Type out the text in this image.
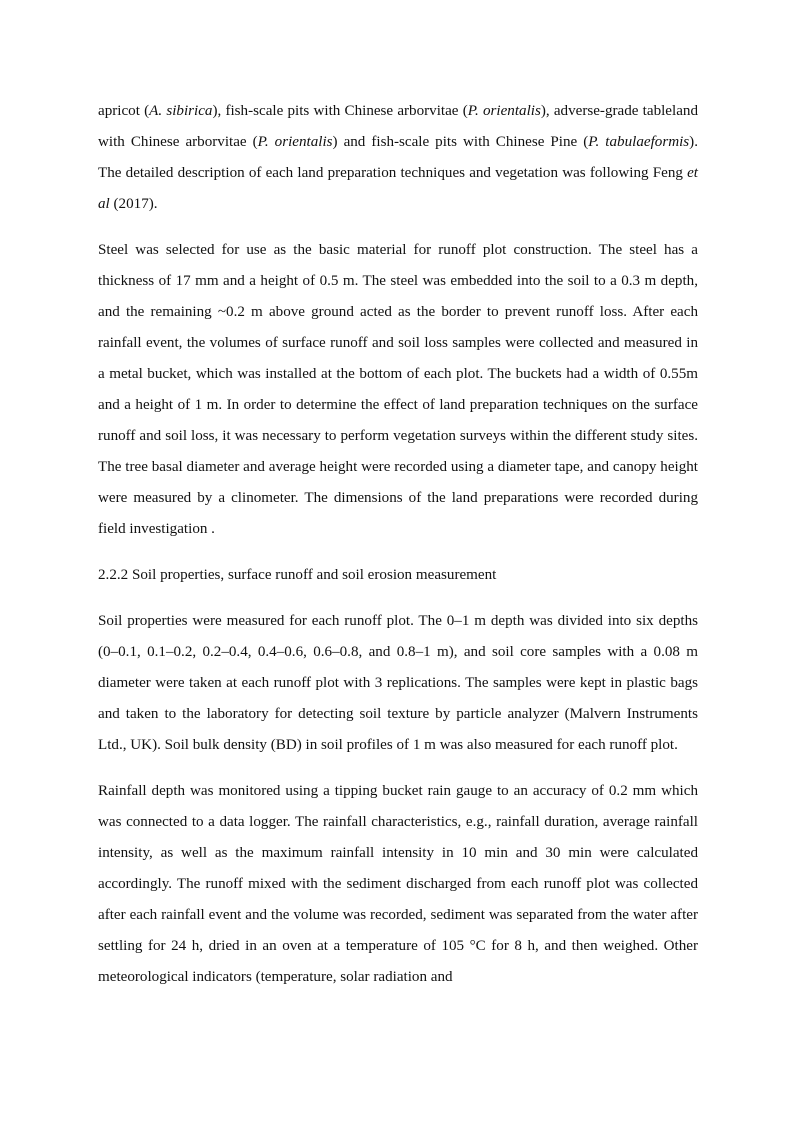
apricot (A. sibirica), fish-scale pits with Chinese arborvitae (P. orientalis), adverse-grade tableland with Chinese arborvitae (P. orientalis) and fish-scale pits with Chinese Pine (P. tabulaeformis). The detailed description of each land preparation techniques and vegetation was following Feng et al (2017).

Steel was selected for use as the basic material for runoff plot construction. The steel has a thickness of 17 mm and a height of 0.5 m. The steel was embedded into the soil to a 0.3 m depth, and the remaining ~0.2 m above ground acted as the border to prevent runoff loss. After each rainfall event, the volumes of surface runoff and soil loss samples were collected and measured in a metal bucket, which was installed at the bottom of each plot. The buckets had a width of 0.55m and a height of 1 m. In order to determine the effect of land preparation techniques on the surface runoff and soil loss, it was necessary to perform vegetation surveys within the different study sites. The tree basal diameter and average height were recorded using a diameter tape, and canopy height were measured by a clinometer. The dimensions of the land preparations were recorded during field investigation .

2.2.2 Soil properties, surface runoff and soil erosion measurement

Soil properties were measured for each runoff plot. The 0–1 m depth was divided into six depths (0–0.1, 0.1–0.2, 0.2–0.4, 0.4–0.6, 0.6–0.8, and 0.8–1 m), and soil core samples with a 0.08 m diameter were taken at each runoff plot with 3 replications. The samples were kept in plastic bags and taken to the laboratory for detecting soil texture by particle analyzer (Malvern Instruments Ltd., UK). Soil bulk density (BD) in soil profiles of 1 m was also measured for each runoff plot.

Rainfall depth was monitored using a tipping bucket rain gauge to an accuracy of 0.2 mm which was connected to a data logger. The rainfall characteristics, e.g., rainfall duration, average rainfall intensity, as well as the maximum rainfall intensity in 10 min and 30 min were calculated accordingly. The runoff mixed with the sediment discharged from each runoff plot was collected after each rainfall event and the volume was recorded, sediment was separated from the water after settling for 24 h, dried in an oven at a temperature of 105 °C for 8 h, and then weighed. Other meteorological indicators (temperature, solar radiation and
